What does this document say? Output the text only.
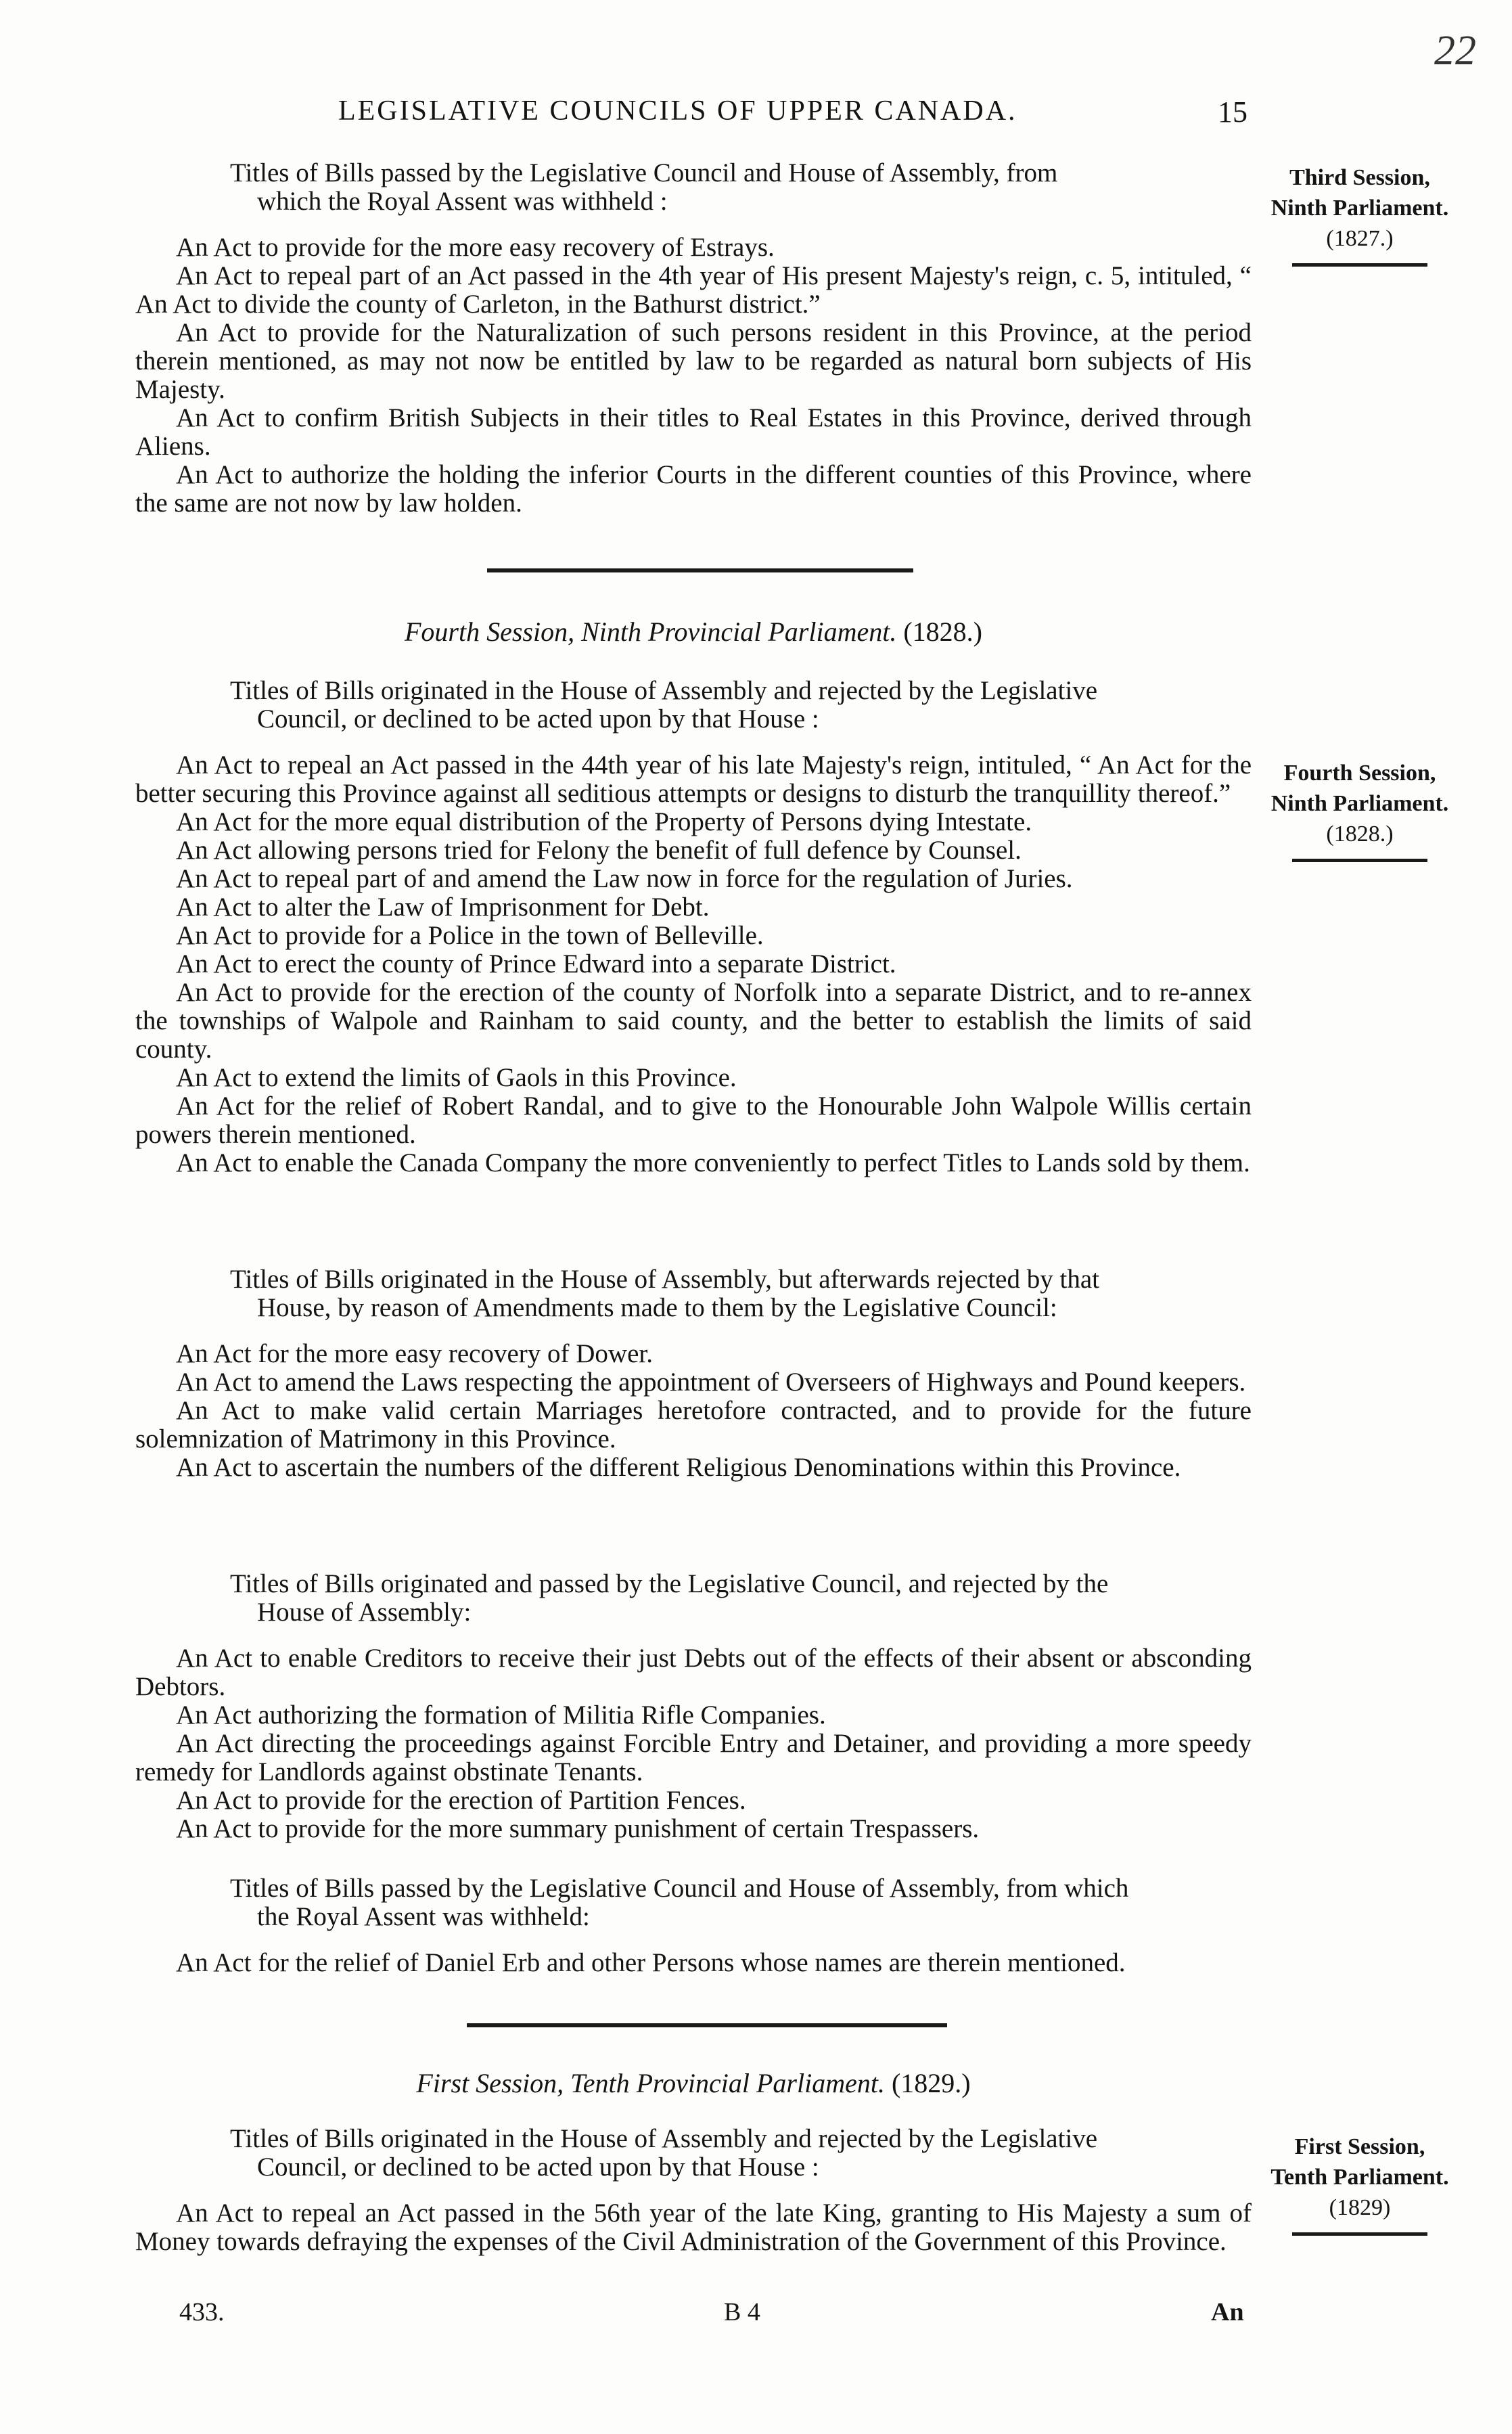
22
LEGISLATIVE COUNCILS OF UPPER CANADA.	15
Titles of Bills passed by the Legislative Council and House of Assembly, from
which the Royal Assent was withheld :
An Act to provide for the more easy recovery of Estrays.
An Act to repeal part of an Act passed in the 4th year of His present Majesty's reign, c. 5, intituled, “ An Act to divide the county of Carleton, in the Bathurst district.”
An Act to provide for the Naturalization of such persons resident in this Province, at the period therein mentioned, as may not now be entitled by law to be regarded as natural born subjects of His Majesty.
An Act to confirm British Subjects in their titles to Real Estates in this Province, derived through Aliens.
An Act to authorize the holding the inferior Courts in the different counties of this Province, where the same are not now by law holden.
Third Session,
Ninth Parliament.
(1827.)
Fourth Session, Ninth Provincial Parliament. (1828.)
Titles of Bills originated in the House of Assembly and rejected by the Legislative
Council, or declined to be acted upon by that House :
An Act to repeal an Act passed in the 44th year of his late Majesty's reign, intituled, “ An Act for the better securing this Province against all seditious attempts or designs to disturb the tranquillity thereof.”
An Act for the more equal distribution of the Property of Persons dying Intestate.
An Act allowing persons tried for Felony the benefit of full defence by Counsel.
An Act to repeal part of and amend the Law now in force for the regulation of Juries.
An Act to alter the Law of Imprisonment for Debt.
An Act to provide for a Police in the town of Belleville.
An Act to erect the county of Prince Edward into a separate District.
An Act to provide for the erection of the county of Norfolk into a separate District, and to re-annex the townships of Walpole and Rainham to said county, and the better to establish the limits of said county.
An Act to extend the limits of Gaols in this Province.
An Act for the relief of Robert Randal, and to give to the Honourable John Walpole Willis certain powers therein mentioned.
An Act to enable the Canada Company the more conveniently to perfect Titles to Lands sold by them.
Fourth Session,
Ninth Parliament.
(1828.)
Titles of Bills originated in the House of Assembly, but afterwards rejected by that
House, by reason of Amendments made to them by the Legislative Council:
An Act for the more easy recovery of Dower.
An Act to amend the Laws respecting the appointment of Overseers of Highways and Pound keepers.
An Act to make valid certain Marriages heretofore contracted, and to provide for the future solemnization of Matrimony in this Province.
An Act to ascertain the numbers of the different Religious Denominations within this Province.
Titles of Bills originated and passed by the Legislative Council, and rejected by the
House of Assembly:
An Act to enable Creditors to receive their just Debts out of the effects of their absent or absconding Debtors.
An Act authorizing the formation of Militia Rifle Companies.
An Act directing the proceedings against Forcible Entry and Detainer, and providing a more speedy remedy for Landlords against obstinate Tenants.
An Act to provide for the erection of Partition Fences.
An Act to provide for the more summary punishment of certain Trespassers.
Titles of Bills passed by the Legislative Council and House of Assembly, from which
the Royal Assent was withheld:
An Act for the relief of Daniel Erb and other Persons whose names are therein mentioned.
First Session, Tenth Provincial Parliament. (1829.)
Titles of Bills originated in the House of Assembly and rejected by the Legislative
Council, or declined to be acted upon by that House :
An Act to repeal an Act passed in the 56th year of the late King, granting to His Majesty a sum of Money towards defraying the expenses of the Civil Administration of the Government of this Province.
First Session,
Tenth Parliament.
(1829)
433.	B 4	An
